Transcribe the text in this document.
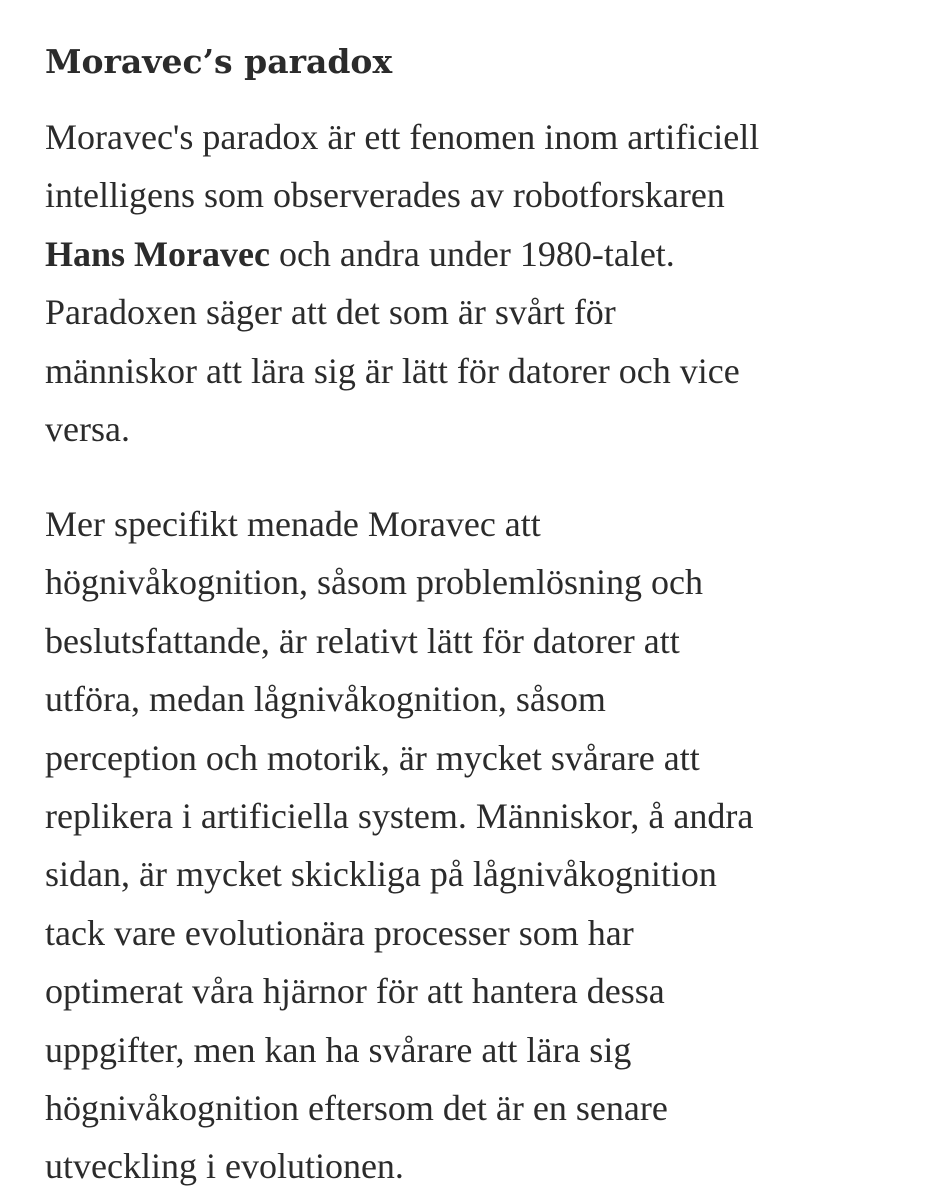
Moravec’s paradox

Moravec's paradox är ett fenomen inom artificiell
intelligens som observerades av robotforskaren
Hans Moravec och andra under 1980-talet.
Paradoxen säger att det som är svårt för
människor att lära sig är lätt för datorer och vice
versa.

Mer specifikt menade Moravec att
högnivåkognition, såsom problemlösning och
beslutsfattande, är relativt lätt för datorer att
utföra, medan lågnivåkognition, såsom
perception och motorik, är mycket svårare att
replikera i artificiella system. Människor, å andra
sidan, är mycket skickliga på lågnivåkognition
tack vare evolutionära processer som har
optimerat våra hjärnor för att hantera dessa
uppgifter, men kan ha svårare att lära sig
högnivåkognition eftersom det är en senare
utveckling i evolutionen.
